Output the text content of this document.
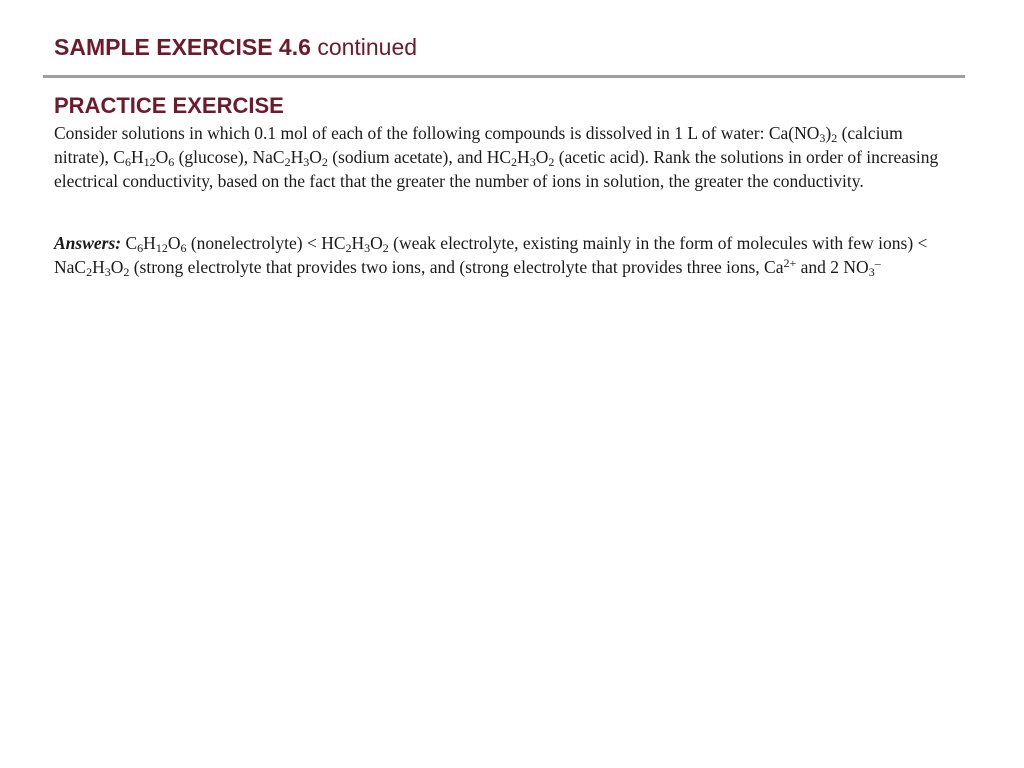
SAMPLE EXERCISE 4.6 continued
PRACTICE EXERCISE
Consider solutions in which 0.1 mol of each of the following compounds is dissolved in 1 L of water: $Ca(NO_3)_2$ (calcium nitrate), $C_6H_{12}O_6$ (glucose), $NaC_2H_3O_2$ (sodium acetate), and $HC_2H_3O_2$ (acetic acid). Rank the solutions in order of increasing electrical conductivity, based on the fact that the greater the number of ions in solution, the greater the conductivity.
Answers: $C_6H_{12}O_6$ (nonelectrolyte) < $HC_2H_3O_2$ (weak electrolyte, existing mainly in the form of molecules with few ions) < $NaC_2H_3O_2$ (strong electrolyte that provides two ions, and (strong electrolyte that provides three ions, $Ca^{2+}$ and 2 $NO_3^-$
